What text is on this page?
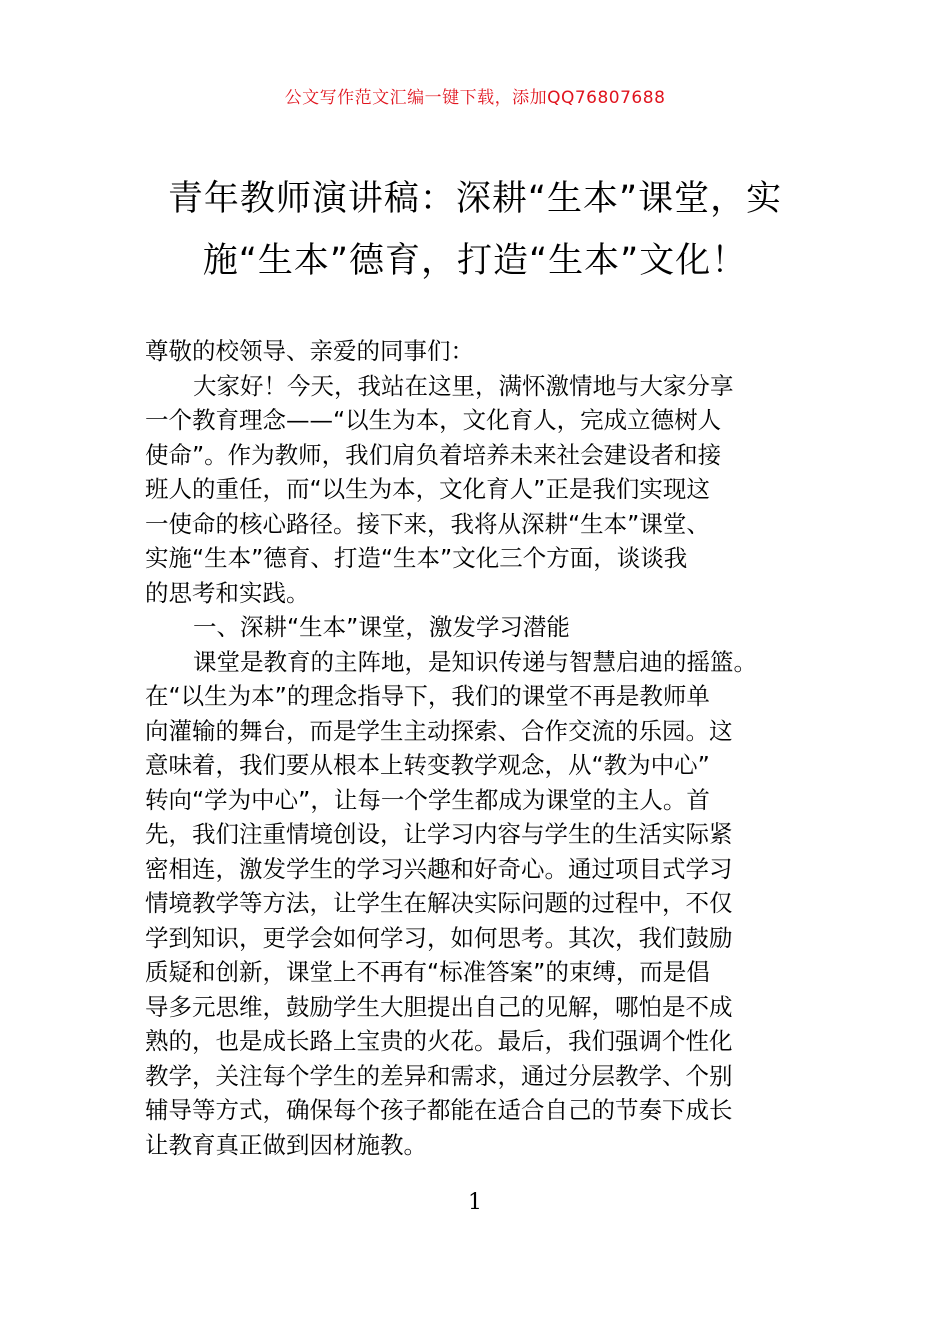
公文写作范文汇编一键下载，添加QQ76807688
青年教师演讲稿：深耕“生本”课堂，实
施“生本”德育，打造“生本”文化！
尊敬的校领导、亲爱的同事们：
大家好！今天，我站在这里，满怀激情地与大家分享
一个教育理念——“以生为本，文化育人，完成立德树人
使命”。作为教师，我们肩负着培养未来社会建设者和接
班人的重任，而“以生为本，文化育人”正是我们实现这
一使命的核心路径。接下来，我将从深耕“生本”课堂、
实施“生本”德育、打造“生本”文化三个方面，谈谈我
的思考和实践。
一、深耕“生本”课堂，激发学习潜能
课堂是教育的主阵地，是知识传递与智慧启迪的摇篮。
在“以生为本”的理念指导下，我们的课堂不再是教师单
向灌输的舞台，而是学生主动探索、合作交流的乐园。这
意味着，我们要从根本上转变教学观念，从“教为中心”
转向“学为中心”，让每一个学生都成为课堂的主人。首
先，我们注重情境创设，让学习内容与学生的生活实际紧
密相连，激发学生的学习兴趣和好奇心。通过项目式学习
情境教学等方法，让学生在解决实际问题的过程中，不仅
学到知识，更学会如何学习，如何思考。其次，我们鼓励
质疑和创新，课堂上不再有“标准答案”的束缚，而是倡
导多元思维，鼓励学生大胆提出自己的见解，哪怕是不成
熟的，也是成长路上宝贵的火花。最后，我们强调个性化
教学，关注每个学生的差异和需求，通过分层教学、个别
辅导等方式，确保每个孩子都能在适合自己的节奏下成长
让教育真正做到因材施教。
1
